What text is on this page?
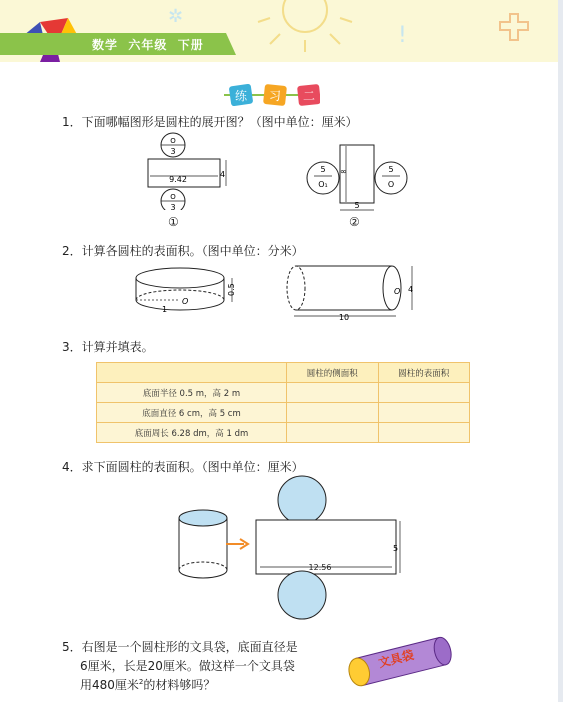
✲
!
数学 六年级 下册
练 习 二
1．下面哪幅图形是圆柱的展开图？（图中单位：厘米）
O
3
O
3
9.42
4
①
5
O₁
5
O
∞
5
②
2．计算各圆柱的表面积。（图中单位：分米）
1
O
0.5	O
10
4
3．计算并填表。
	圆柱的侧面积	圆柱的表面积
底面半径 0.5 m，高 2 m		
底面直径 6 cm，高 5 cm		
底面周长 6.28 dm，高 1 dm		
4．求下面圆柱的表面积。（图中单位：厘米）
12.56
5
5．右图是一个圆柱形的文具袋，底面直径是
6厘米，长是20厘米。做这样一个文具袋
用480厘米$^2$的材料够吗？
文具袋
